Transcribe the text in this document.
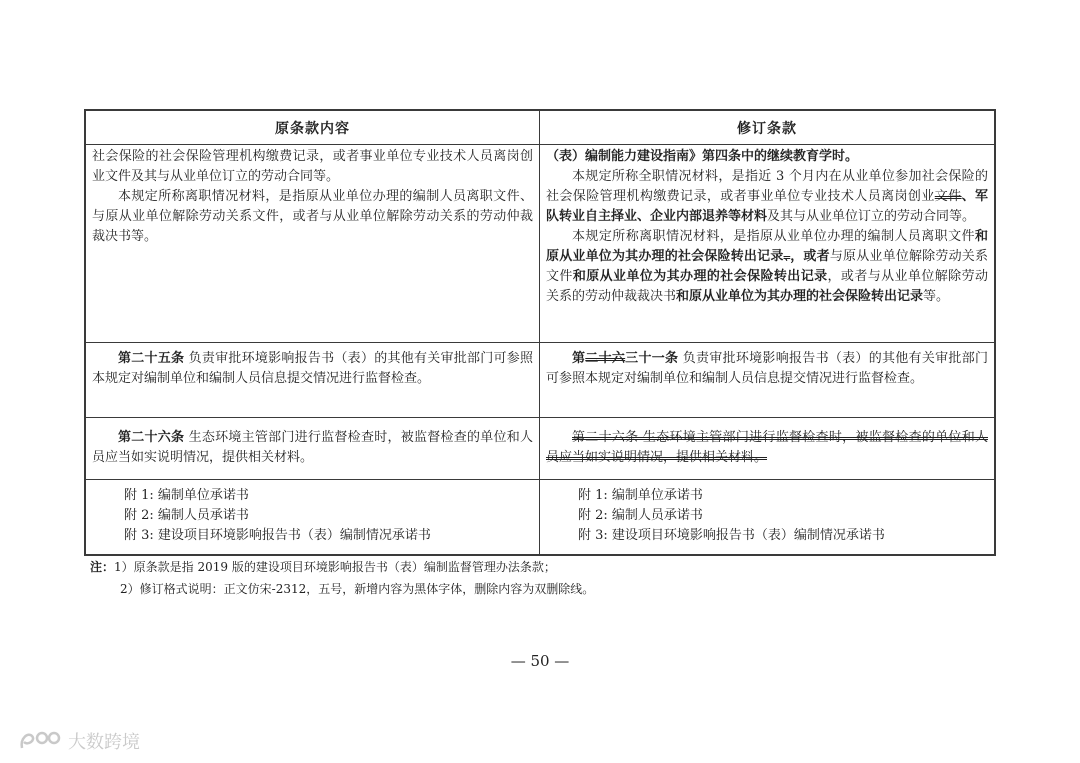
原条款内容	修订条款

社会保险的社会保险管理机构缴费记录，或者事业单位专业技术人员离岗创业文件及其与从业单位订立的劳动合同等。

本规定所称离职情况材料，是指原从业单位办理的编制人员离职文件、与原从业单位解除劳动关系文件，或者与从业单位解除劳动关系的劳动仲裁裁决书等。

（表）编制能力建设指南》第四条中的继续教育学时。

本规定所称全职情况材料，是指近 3 个月内在从业单位参加社会保险的社会保险管理机构缴费记录，或者事业单位专业技术人员离岗创业文件、军队转业自主择业、企业内部退养等材料及其与从业单位订立的劳动合同等。

本规定所称离职情况材料，是指原从业单位办理的编制人员离职文件和原从业单位为其办理的社会保险转出记录、，或者与原从业单位解除劳动关系文件和原从业单位为其办理的社会保险转出记录，或者与从业单位解除劳动关系的劳动仲裁裁决书和原从业单位为其办理的社会保险转出记录等。

第二十五条 负责审批环境影响报告书（表）的其他有关审批部门可参照本规定对编制单位和编制人员信息提交情况进行监督检查。

第二十六三十一条 负责审批环境影响报告书（表）的其他有关审批部门可参照本规定对编制单位和编制人员信息提交情况进行监督检查。

第二十六条 生态环境主管部门进行监督检查时，被监督检查的单位和人员应当如实说明情况，提供相关材料。

第二十六条 生态环境主管部门进行监督检查时，被监督检查的单位和人员应当如实说明情况，提供相关材料。

附 1: 编制单位承诺书

附 2: 编制人员承诺书

附 3: 建设项目环境影响报告书（表）编制情况承诺书

附 1: 编制单位承诺书

附 2: 编制人员承诺书

附 3: 建设项目环境影响报告书（表）编制情况承诺书

注：1）原条款是指 2019 版的建设项目环境影响报告书（表）编制监督管理办法条款；
2）修订格式说明：正文仿宋-2312，五号，新增内容为黑体字体，删除内容为双删除线。
— 50 —
大数跨境
